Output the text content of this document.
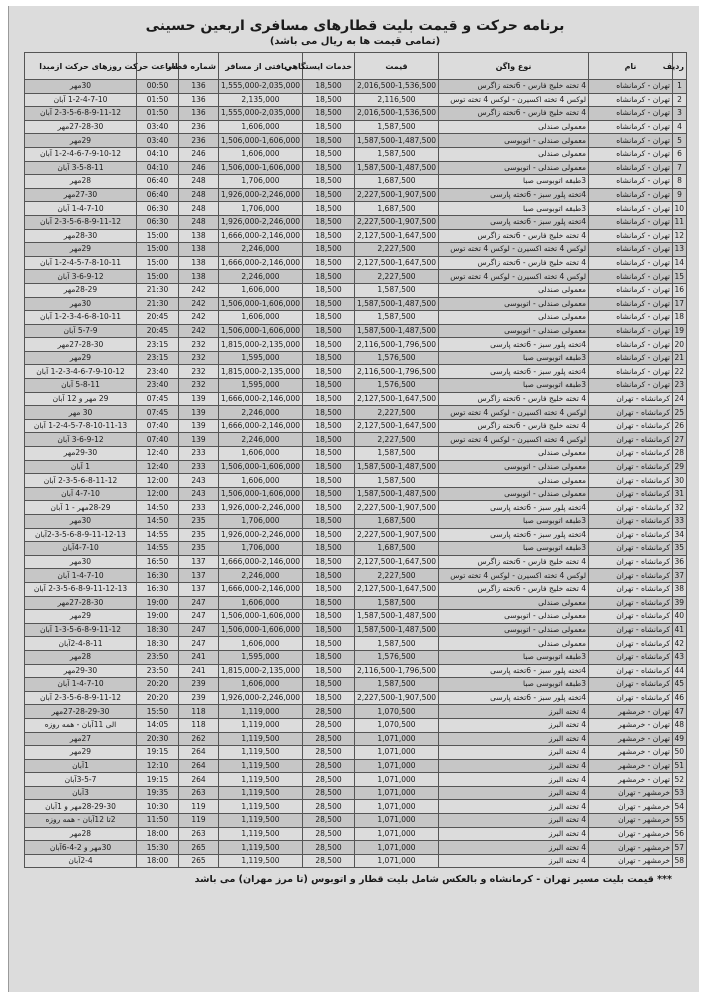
برنامه حرکت و قیمت بلیت قطارهای مسافری اربعین حسینی
(تمامی قیمت ها به ریال می باشد)
ردیف	نام	نوع واگن	قیمت	خدمات ایستگاهی	دریافتی از مسافر	شماره قطار	ساعت حرکت	روزهای حرکت ازمبدا
1	تهران - کرمانشاه	4 تخته خلیج فارس - 6تخته زاگرس	2,016,500-1,536,500	18,500	1,555,000-2,035,000	136	00:50	30مهر
2	تهران - کرمانشاه	لوکس 4 تخته اکسیرن - لوکس 4 تخته توس	2,116,500	18,500	2,135,000	136	01:50	1-2-4-7-10 آبان
3	تهران - کرمانشاه	4 تخته خلیج فارس - 6تخته زاگرس	2,016,500-1,536,500	18,500	1,555,000-2,035,000	136	01:50	2-3-5-6-8-9-11-12 آبان
4	تهران - کرمانشاه	معمولی صندلی	1,587,500	18,500	1,606,000	236	03:40	27-28-30مهر
5	تهران - کرمانشاه	معمولی صندلی - اتوبوسی	1,587,500-1,487,500	18,500	1,506,000-1,606,000	236	03:40	29مهر
6	تهران - کرمانشاه	معمولی صندلی	1,587,500	18,500	1,606,000	246	04:10	1-2-4-6-7-9-10-12 آبان
7	تهران - کرمانشاه	معمولی صندلی - اتوبوسی	1,587,500-1,487,500	18,500	1,506,000-1,606,000	246	04:10	3-5-8-11 آبان
8	تهران - کرمانشاه	3طبقه اتوبوسی صبا	1,687,500	18,500	1,706,000	248	06:40	28مهر
9	تهران - کرمانشاه	4تخته پلور سبز - 6تخته پارسی	2,227,500-1,907,500	18,500	1,926,000-2,246,000	248	06:40	27-30مهر
10	تهران - کرمانشاه	3طبقه اتوبوسی صبا	1,687,500	18,500	1,706,000	248	06:30	1-4-7-10 آبان
11	تهران - کرمانشاه	4تخته پلور سبز - 6تخته پارسی	2,227,500-1,907,500	18,500	1,926,000-2,246,000	248	06:30	2-3-5-6-8-9-11-12 آبان
12	تهران - کرمانشاه	4 تخته خلیج فارس - 6تخته زاگرس	2,127,500-1,647,500	18,500	1,666,000-2,146,000	138	15:00	28-30مهر
13	تهران - کرمانشاه	لوکس 4 تخته اکسیرن - لوکس 4 تخته توس	2,227,500	18,500	2,246,000	138	15:00	29مهر
14	تهران - کرمانشاه	4 تخته خلیج فارس - 6تخته زاگرس	2,127,500-1,647,500	18,500	1,666,000-2,146,000	138	15:00	1-2-4-5-7-8-10-11 آبان
15	تهران - کرمانشاه	لوکس 4 تخته اکسیرن - لوکس 4 تخته توس	2,227,500	18,500	2,246,000	138	15:00	3-6-9-12 آبان
16	تهران - کرمانشاه	معمولی صندلی	1,587,500	18,500	1,606,000	242	21:30	28-29مهر
17	تهران - کرمانشاه	معمولی صندلی - اتوبوسی	1,587,500-1,487,500	18,500	1,506,000-1,606,000	242	21:30	30مهر
18	تهران - کرمانشاه	معمولی صندلی	1,587,500	18,500	1,606,000	242	20:45	1-2-3-4-6-8-10-11 آبان
19	تهران - کرمانشاه	معمولی صندلی - اتوبوسی	1,587,500-1,487,500	18,500	1,506,000-1,606,000	242	20:45	5-7-9 آبان
20	تهران - کرمانشاه	4تخته پلور سبز - 6تخته پارسی	2,116,500-1,796,500	18,500	1,815,000-2,135,000	232	23:15	27-28-30مهر
21	تهران - کرمانشاه	3طبقه اتوبوسی صبا	1,576,500	18,500	1,595,000	232	23:15	29مهر
22	تهران - کرمانشاه	4تخته پلور سبز - 6تخته پارسی	2,116,500-1,796,500	18,500	1,815,000-2,135,000	232	23:40	1-2-3-4-6-7-9-10-12 آبان
23	تهران - کرمانشاه	3طبقه اتوبوسی صبا	1,576,500	18,500	1,595,000	232	23:40	5-8-11 آبان
24	کرمانشاه - تهران	4 تخته خلیج فارس - 6تخته زاگرس	2,127,500-1,647,500	18,500	1,666,000-2,146,000	139	07:45	29 مهر و 12 آبان
25	کرمانشاه - تهران	لوکس 4 تخته اکسیرن - لوکس 4 تخته توس	2,227,500	18,500	2,246,000	139	07:45	30 مهر
26	کرمانشاه - تهران	4 تخته خلیج فارس - 6تخته زاگرس	2,127,500-1,647,500	18,500	1,666,000-2,146,000	139	07:40	1-2-4-5-7-8-10-11-13 آبان
27	کرمانشاه - تهران	لوکس 4 تخته اکسیرن - لوکس 4 تخته توس	2,227,500	18,500	2,246,000	139	07:40	3-6-9-12 آبان
28	کرمانشاه - تهران	معمولی صندلی	1,587,500	18,500	1,606,000	233	12:40	29-30مهر
29	کرمانشاه - تهران	معمولی صندلی - اتوبوسی	1,587,500-1,487,500	18,500	1,506,000-1,606,000	233	12:40	1 آبان
30	کرمانشاه - تهران	معمولی صندلی	1,587,500	18,500	1,606,000	243	12:00	2-3-5-6-8-11-12 آبان
31	کرمانشاه - تهران	معمولی صندلی - اتوبوسی	1,587,500-1,487,500	18,500	1,506,000-1,606,000	243	12:00	4-7-10 آبان
32	کرمانشاه - تهران	4تخته پلور سبز - 6تخته پارسی	2,227,500-1,907,500	18,500	1,926,000-2,246,000	233	14:50	28-29مهر - 1 آبان
33	کرمانشاه - تهران	3طبقه اتوبوسی صبا	1,687,500	18,500	1,706,000	235	14:50	30مهر
34	کرمانشاه - تهران	4تخته پلور سبز - 6تخته پارسی	2,227,500-1,907,500	18,500	1,926,000-2,246,000	235	14:55	2-3-5-6-8-9-11-12-13آبان
35	کرمانشاه - تهران	3طبقه اتوبوسی صبا	1,687,500	18,500	1,706,000	235	14:55	4-7-10آبان
36	کرمانشاه - تهران	4 تخته خلیج فارس - 6تخته زاگرس	2,127,500-1,647,500	18,500	1,666,000-2,146,000	137	16:50	30مهر
37	کرمانشاه - تهران	لوکس 4 تخته اکسیرن - لوکس 4 تخته توس	2,227,500	18,500	2,246,000	137	16:30	1-4-7-10 آبان
38	کرمانشاه - تهران	4 تخته خلیج فارس - 6تخته زاگرس	2,127,500-1,647,500	18,500	1,666,000-2,146,000	137	16:30	2-3-5-6-8-9-11-12-13 آبان
39	کرمانشاه - تهران	معمولی صندلی	1,587,500	18,500	1,606,000	247	19:00	27-28-30مهر
40	کرمانشاه - تهران	معمولی صندلی - اتوبوسی	1,587,500-1,487,500	18,500	1,506,000-1,606,000	247	19:00	29مهر
41	کرمانشاه - تهران	معمولی صندلی - اتوبوسی	1,587,500-1,487,500	18,500	1,506,000-1,606,000	247	18:30	1-3-5-6-8-9-11-12 آبان
42	کرمانشاه - تهران	معمولی صندلی	1,587,500	18,500	1,606,000	247	18:30	2-4-8-11آبان
43	کرمانشاه - تهران	3طبقه اتوبوسی صبا	1,576,500	18,500	1,595,000	241	23:50	28مهر
44	کرمانشاه - تهران	4تخته پلور سبز - 6تخته پارسی	2,116,500-1,796,500	18,500	1,815,000-2,135,000	241	23:50	29-30مهر
45	کرمانشاه - تهران	3طبقه اتوبوسی صبا	1,587,500	18,500	1,606,000	239	20:20	1-4-7-10 آبان
46	کرمانشاه - تهران	4تخته پلور سبز - 6تخته پارسی	2,227,500-1,907,500	18,500	1,926,000-2,246,000	239	20:20	2-3-5-6-8-9-11-12 آبان
47	تهران - خرمشهر	4 تخته البرز	1,070,500	28,500	1,119,000	118	15:50	27-28-29-30مهر
48	تهران - خرمشهر	4 تخته البرز	1,070,500	28,500	1,119,000	118	14:05	الی 11آبان - همه روزه
49	تهران - خرمشهر	4 تخته البرز	1,071,000	28,500	1,119,500	262	20:30	27مهر
50	تهران - خرمشهر	4 تخته البرز	1,071,000	28,500	1,119,500	264	19:15	29مهر
51	تهران - خرمشهر	4 تخته البرز	1,071,000	28,500	1,119,500	264	12:10	1آبان
52	تهران - خرمشهر	4 تخته البرز	1,071,000	28,500	1,119,500	264	19:15	3-5-7آبان
53	خرمشهر - تهران	4 تخته البرز	1,071,000	28,500	1,119,500	263	19:35	3آبان
54	خرمشهر - تهران	4 تخته البرز	1,071,000	28,500	1,119,500	119	10:30	28-29-30مهر و 1آبان
55	خرمشهر - تهران	4 تخته البرز	1,071,000	28,500	1,119,500	119	11:50	2تا 12آبان - همه روزه
56	خرمشهر - تهران	4 تخته البرز	1,071,000	28,500	1,119,500	263	18:00	28مهر
57	خرمشهر - تهران	4 تخته البرز	1,071,000	28,500	1,119,500	265	15:30	30مهر و 2-4-6آبان
58	خرمشهر - تهران	4 تخته البرز	1,071,000	28,500	1,119,500	265	18:00	2-4آبان
*** قیمت بلیت مسیر تهران - کرمانشاه و بالعکس شامل بلیت قطار و اتوبوس (تا مرز مهران) می باشد
